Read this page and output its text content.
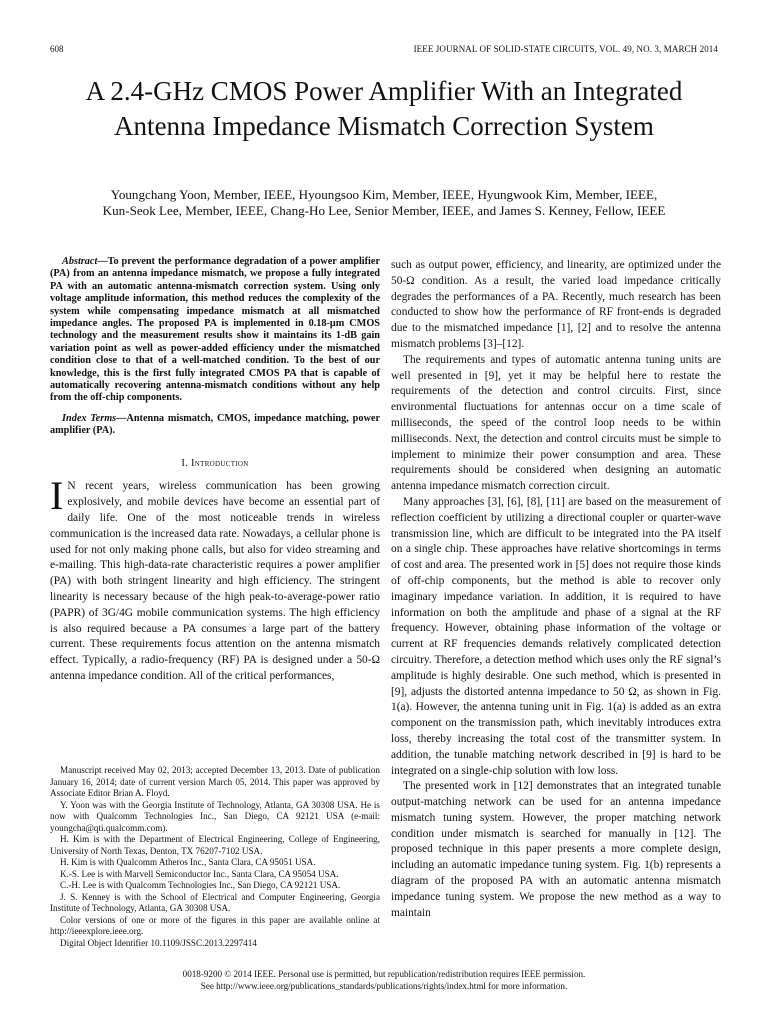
608	IEEE JOURNAL OF SOLID-STATE CIRCUITS, VOL. 49, NO. 3, MARCH 2014
A 2.4-GHz CMOS Power Amplifier With an Integrated Antenna Impedance Mismatch Correction System

Youngchang Yoon, Member, IEEE, Hyoungsoo Kim, Member, IEEE, Hyungwook Kim, Member, IEEE,

Kun-Seok Lee, Member, IEEE, Chang-Ho Lee, Senior Member, IEEE, and James S. Kenney, Fellow, IEEE

Abstract—To prevent the performance degradation of a power amplifier (PA) from an antenna impedance mismatch, we propose a fully integrated PA with an automatic antenna-mismatch correction system. Using only voltage amplitude information, this method reduces the complexity of the system while compensating impedance mismatch at all mismatched impedance angles. The proposed PA is implemented in 0.18-μm CMOS technology and the measurement results show it maintains its 1-dB gain variation point as well as power-added efficiency under the mismatched condition close to that of a well-matched condition. To the best of our knowledge, this is the first fully integrated CMOS PA that is capable of automatically recovering antenna-mismatch conditions without any help from the off-chip components.

Index Terms—Antenna mismatch, CMOS, impedance matching, power amplifier (PA).

I. Introduction

I N recent years, wireless communication has been growing explosively, and mobile devices have become an essential part of daily life. One of the most noticeable trends in wireless communication is the increased data rate. Nowadays, a cellular phone is used for not only making phone calls, but also for video streaming and e-mailing. This high-data-rate characteristic requires a power amplifier (PA) with both stringent linearity and high efficiency. The stringent linearity is necessary because of the high peak-to-average-power ratio (PAPR) of 3G/4G mobile communication systems. The high efficiency is also required because a PA consumes a large part of the battery current. These requirements focus attention on the antenna mismatch effect. Typically, a radio-frequency (RF) PA is designed under a 50-Ω antenna impedance condition. All of the critical performances,

such as output power, efficiency, and linearity, are optimized under the 50-Ω condition. As a result, the varied load impedance critically degrades the performances of a PA. Recently, much research has been conducted to show how the performance of RF front-ends is degraded due to the mismatched impedance [1], [2] and to resolve the antenna mismatch problems [3]–[12].

The requirements and types of automatic antenna tuning units are well presented in [9], yet it may be helpful here to restate the requirements of the detection and control circuits. First, since environmental fluctuations for antennas occur on a time scale of milliseconds, the speed of the control loop needs to be within milliseconds. Next, the detection and control circuits must be simple to implement to minimize their power consumption and area. These requirements should be considered when designing an automatic antenna impedance mismatch correction circuit.

Many approaches [3], [6], [8], [11] are based on the measurement of reflection coefficient by utilizing a directional coupler or quarter-wave transmission line, which are difficult to be integrated into the PA itself on a single chip. These approaches have relative shortcomings in terms of cost and area. The presented work in [5] does not require those kinds of off-chip components, but the method is able to recover only imaginary impedance variation. In addition, it is required to have information on both the amplitude and phase of a signal at the RF frequency. However, obtaining phase information of the voltage or current at RF frequencies demands relatively complicated detection circuitry. Therefore, a detection method which uses only the RF signal’s amplitude is highly desirable. One such method, which is presented in [9], adjusts the distorted antenna impedance to 50 Ω, as shown in Fig. 1(a). However, the antenna tuning unit in Fig. 1(a) is added as an extra component on the transmission path, which inevitably introduces extra loss, thereby increasing the total cost of the transmitter system. In addition, the tunable matching network described in [9] is hard to be integrated on a single-chip solution with low loss.

The presented work in [12] demonstrates that an integrated tunable output-matching network can be used for an antenna impedance mismatch tuning system. However, the proper matching network condition under mismatch is searched for manually in [12]. The proposed technique in this paper presents a more complete design, including an automatic impedance tuning system. Fig. 1(b) represents a diagram of the proposed PA with an automatic antenna mismatch impedance tuning system. We propose the new method as a way to maintain

Manuscript received May 02, 2013; accepted December 13, 2013. Date of publication January 16, 2014; date of current version March 05, 2014. This paper was approved by Associate Editor Brian A. Floyd.

Y. Yoon was with the Georgia Institute of Technology, Atlanta, GA 30308 USA. He is now with Qualcomm Technologies Inc., San Diego, CA 92121 USA (e-mail: youngcha@qti.qualcomm.com).

H. Kim is with the Department of Electrical Engineering, College of Engineering, University of North Texas, Denton, TX 76207-7102 USA.

H. Kim is with Qualcomm Atheros Inc., Santa Clara, CA 95051 USA.

K.-S. Lee is with Marvell Semiconductor Inc., Santa Clara, CA 95054 USA.

C.-H. Lee is with Qualcomm Technologies Inc., San Diego, CA 92121 USA.

J. S. Kenney is with the School of Electrical and Computer Engineering, Georgia Institute of Technology, Atlanta, GA 30308 USA.

Color versions of one or more of the figures in this paper are available online at http://ieeexplore.ieee.org.

Digital Object Identifier 10.1109/JSSC.2013.2297414

0018-9200 © 2014 IEEE. Personal use is permitted, but republication/redistribution requires IEEE permission.

See http://www.ieee.org/publications_standards/publications/rights/index.html for more information.
